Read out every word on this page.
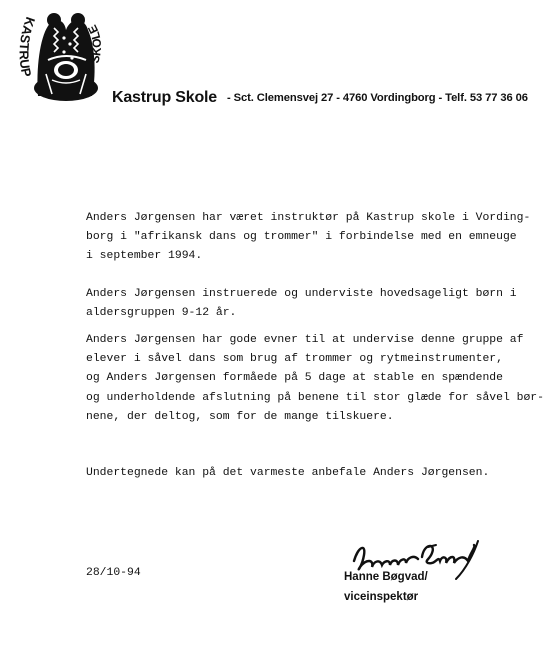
KASTRUP
SKOLE
Kastrup Skole - Sct. Clemensvej 27 - 4760 Vordingborg - Telf. 53 77 36 06

Anders Jørgensen har været instruktør på Kastrup skole i Vording-
borg i "afrikansk dans og trommer" i forbindelse med en emneuge
i september 1994.

Anders Jørgensen instruerede og underviste hovedsageligt børn i
aldersgruppen 9-12 år.

Anders Jørgensen har gode evner til at undervise denne gruppe af
elever i såvel dans som brug af trommer og rytmeinstrumenter,
og Anders Jørgensen formåede på 5 dage at stable en spændende
og underholdende afslutning på benene til stor glæde for såvel bør-
nene, der deltog, som for de mange tilskuere.

Undertegnede kan på det varmeste anbefale Anders Jørgensen.

28/10-94	Hanne Bøgvad/
viceinspektør
